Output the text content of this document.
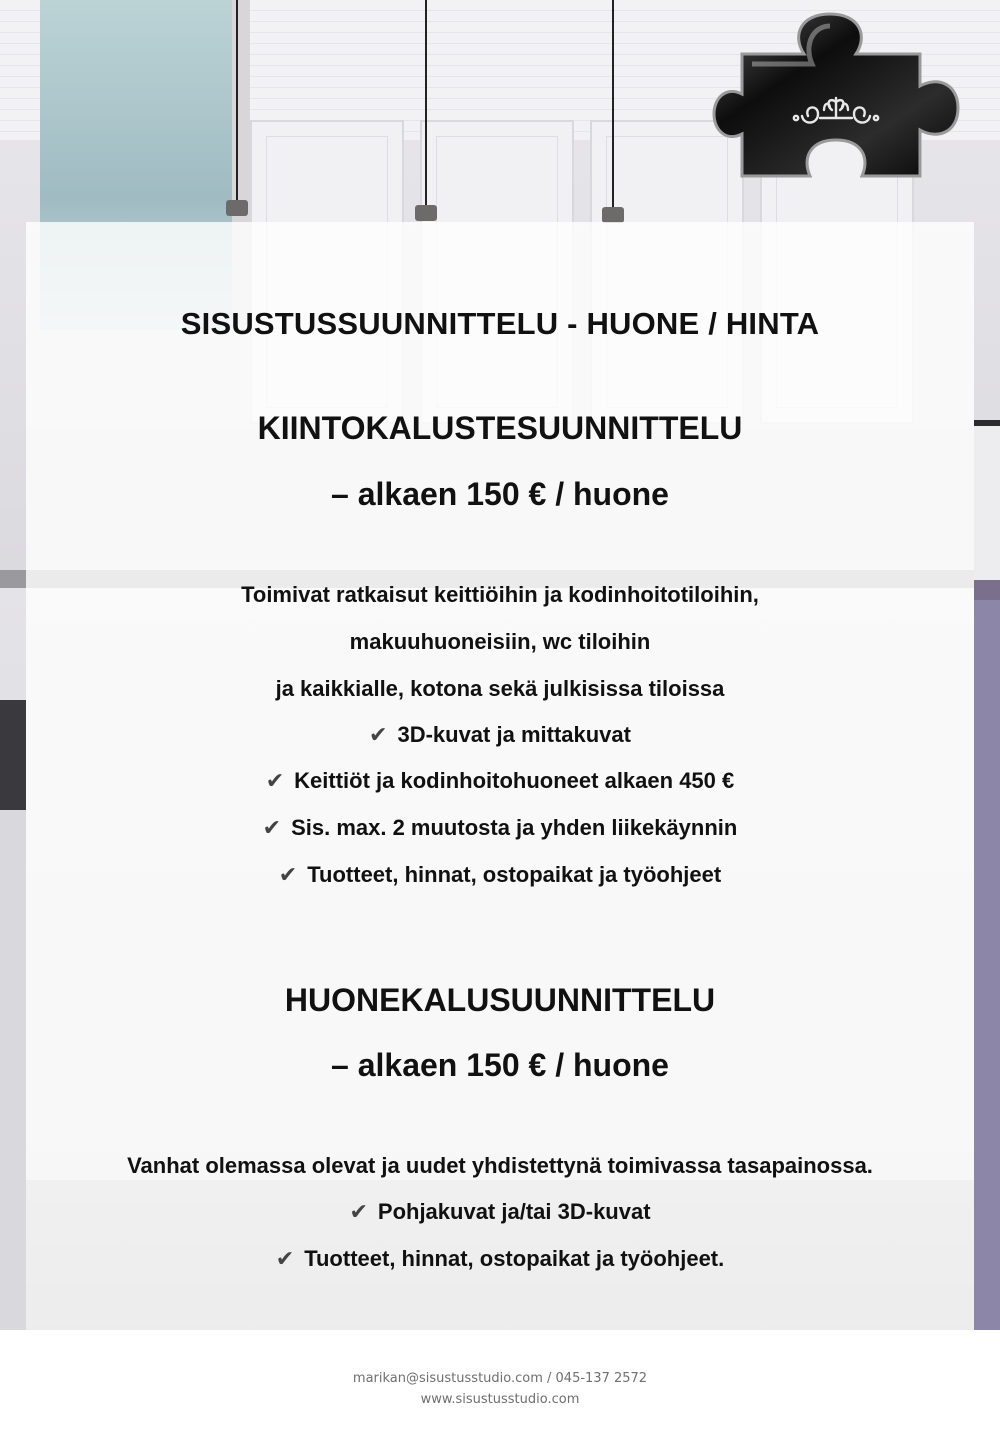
SISUSTUSSUUNNITTELU - HUONE / HINTA
KIINTOKALUSTESUUNNITTELU
– alkaen 150 € / huone
Toimivat ratkaisut keittiöihin ja kodinhoitotiloihin,
makuuhuoneisiin, wc tiloihin
ja kaikkialle, kotona sekä julkisissa tiloissa
✔ 3D-kuvat ja mittakuvat
✔ Keittiöt ja kodinhoitohuoneet alkaen 450 €
✔ Sis. max. 2 muutosta ja yhden liikekäynnin
✔ Tuotteet, hinnat, ostopaikat ja työohjeet
HUONEKALUSUUNNITTELU
– alkaen 150 € / huone
Vanhat olemassa olevat ja uudet yhdistettynä toimivassa tasapainossa.
✔ Pohjakuvat ja/tai 3D-kuvat
✔ Tuotteet, hinnat, ostopaikat ja työohjeet.
marikan@sisustusstudio.com / 045-137 2572
www.sisustusstudio.com
